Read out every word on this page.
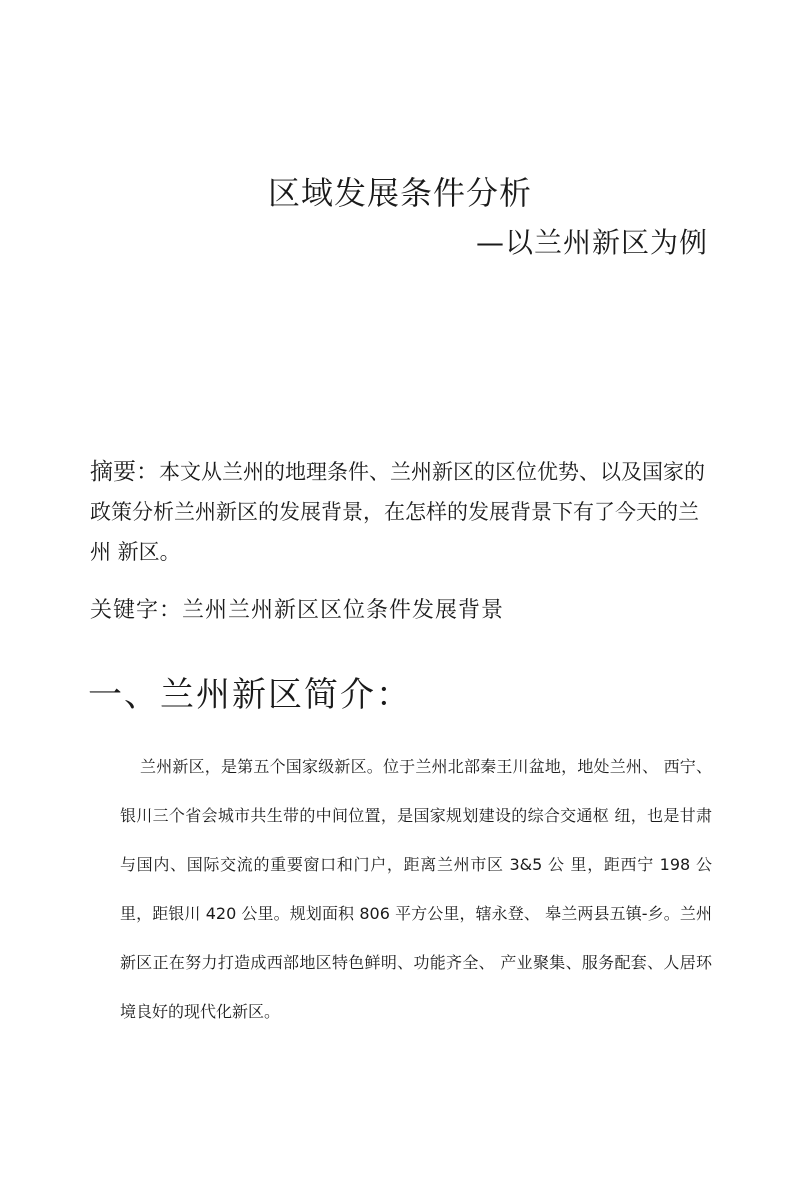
区域发展条件分析

—以兰州新区为例

摘要：本文从兰州的地理条件、兰州新区的区位优势、以及国家的 政策分析兰州新区的发展背景，在怎样的发展背景下有了今天的兰州 新区。

关键字：兰州兰州新区区位条件发展背景

一、兰州新区简介：

兰州新区，是第五个国家级新区。位于兰州北部秦王川盆地，地处兰州、 西宁、银川三个省会城市共生带的中间位置，是国家规划建设的综合交通枢 纽，也是甘肃与国内、国际交流的重要窗口和门户，距离兰州市区 3&5 公 里，距西宁 198 公里，距银川 420 公里。规划面积 806 平方公里，辖永登、 皋兰两县五镇-乡。兰州新区正在努力打造成西部地区特色鲜明、功能齐全、 产业聚集、服务配套、人居环境良好的现代化新区。
